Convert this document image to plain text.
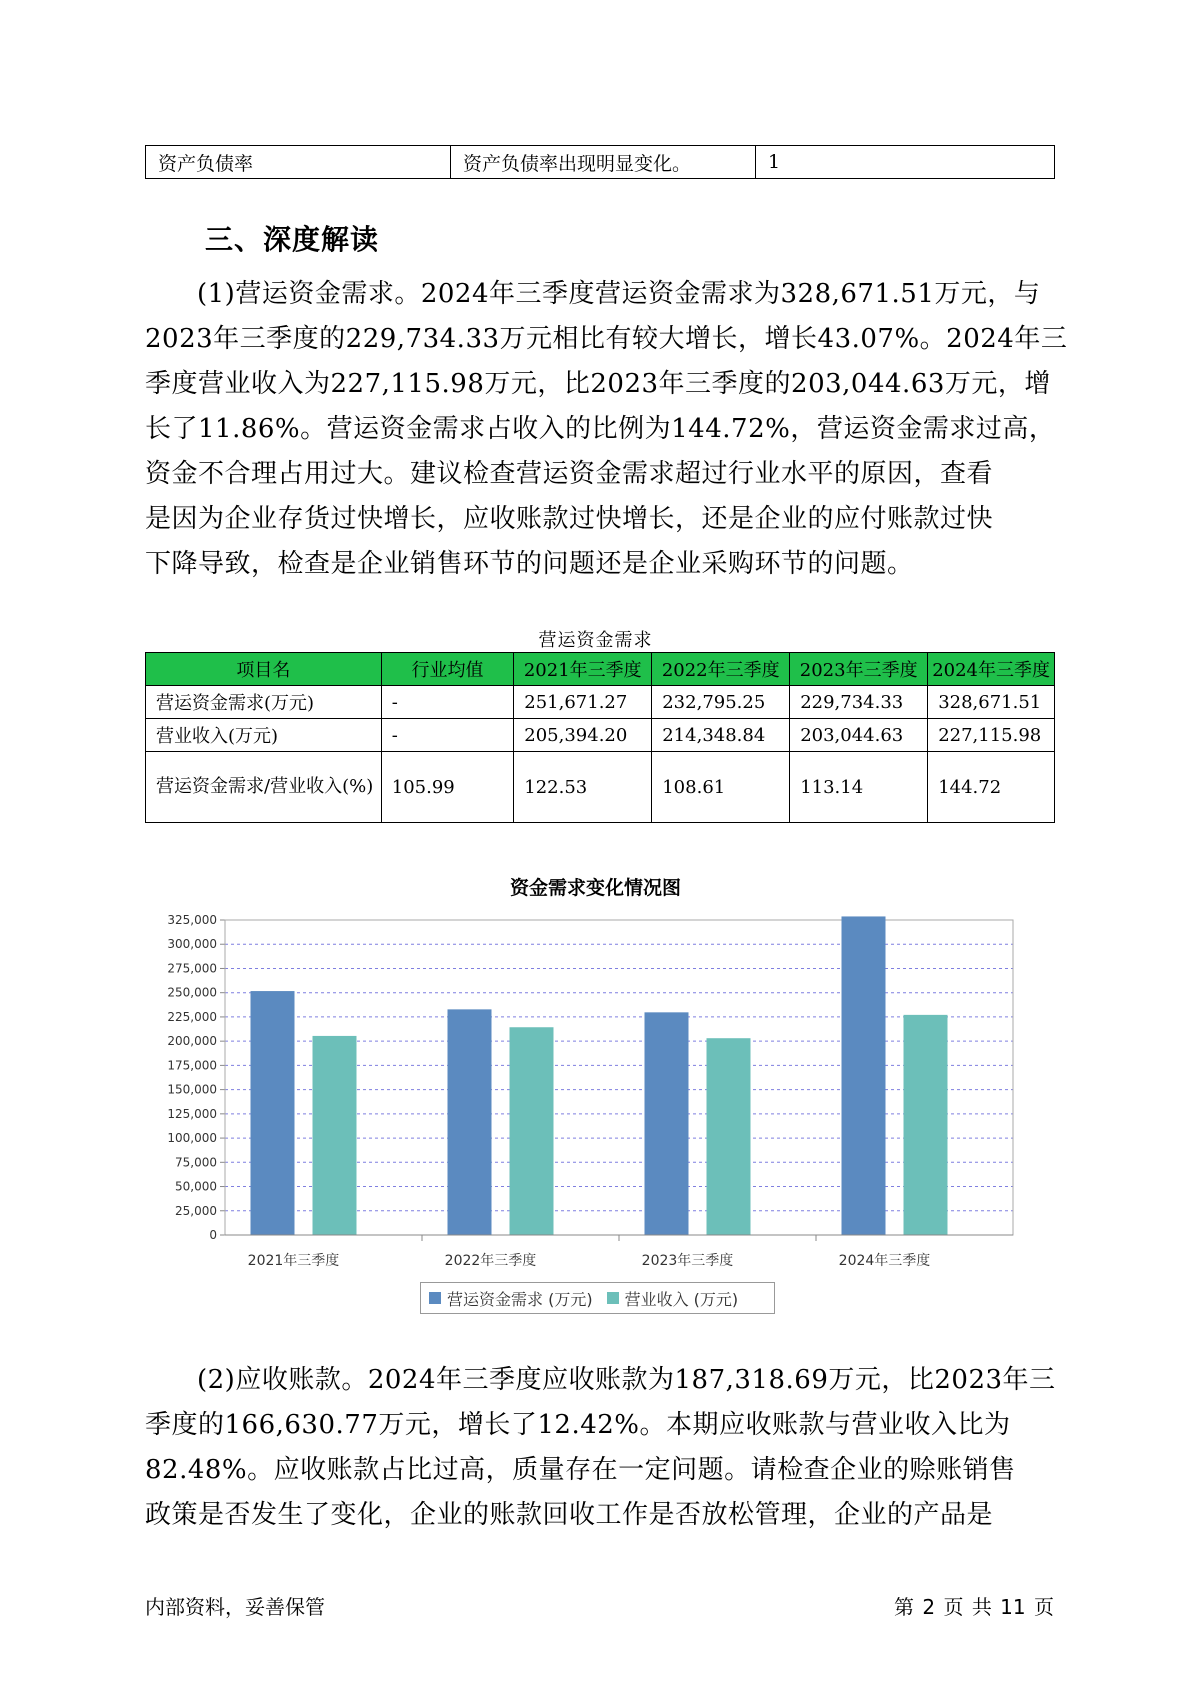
资产负债率	资产负债率出现明显变化。	1
三、深度解读
(1)营运资金需求。2024年三季度营运资金需求为328,671.51万元，与
2023年三季度的229,734.33万元相比有较大增长，增长43.07%。2024年三
季度营业收入为227,115.98万元，比2023年三季度的203,044.63万元，增
长了11.86%。营运资金需求占收入的比例为144.72%，营运资金需求过高，
资金不合理占用过大。建议检查营运资金需求超过行业水平的原因，查看
是因为企业存货过快增长，应收账款过快增长，还是企业的应付账款过快
下降导致，检查是企业销售环节的问题还是企业采购环节的问题。
营运资金需求
项目名	行业均值	2021年三季度	2022年三季度	2023年三季度	2024年三季度
营运资金需求(万元)	-	251,671.27	232,795.25	229,734.33	328,671.51
营业收入(万元)	-	205,394.20	214,348.84	203,044.63	227,115.98
营运资金需求/营业收入(%)	105.99	122.53	108.61	113.14	144.72
资金需求变化情况图
0
25,000
50,000
75,000
100,000
125,000
150,000
175,000
200,000
225,000
250,000
275,000
300,000
325,000
2021年三季度	2022年三季度	2023年三季度	2024年三季度
营运资金需求 (万元) 营业收入 (万元)
(2)应收账款。2024年三季度应收账款为187,318.69万元，比2023年三
季度的166,630.77万元，增长了12.42%。本期应收账款与营业收入比为
82.48%。应收账款占比过高，质量存在一定问题。请检查企业的赊账销售
政策是否发生了变化，企业的账款回收工作是否放松管理，企业的产品是
内部资料，妥善保管	第 2 页 共 11 页
